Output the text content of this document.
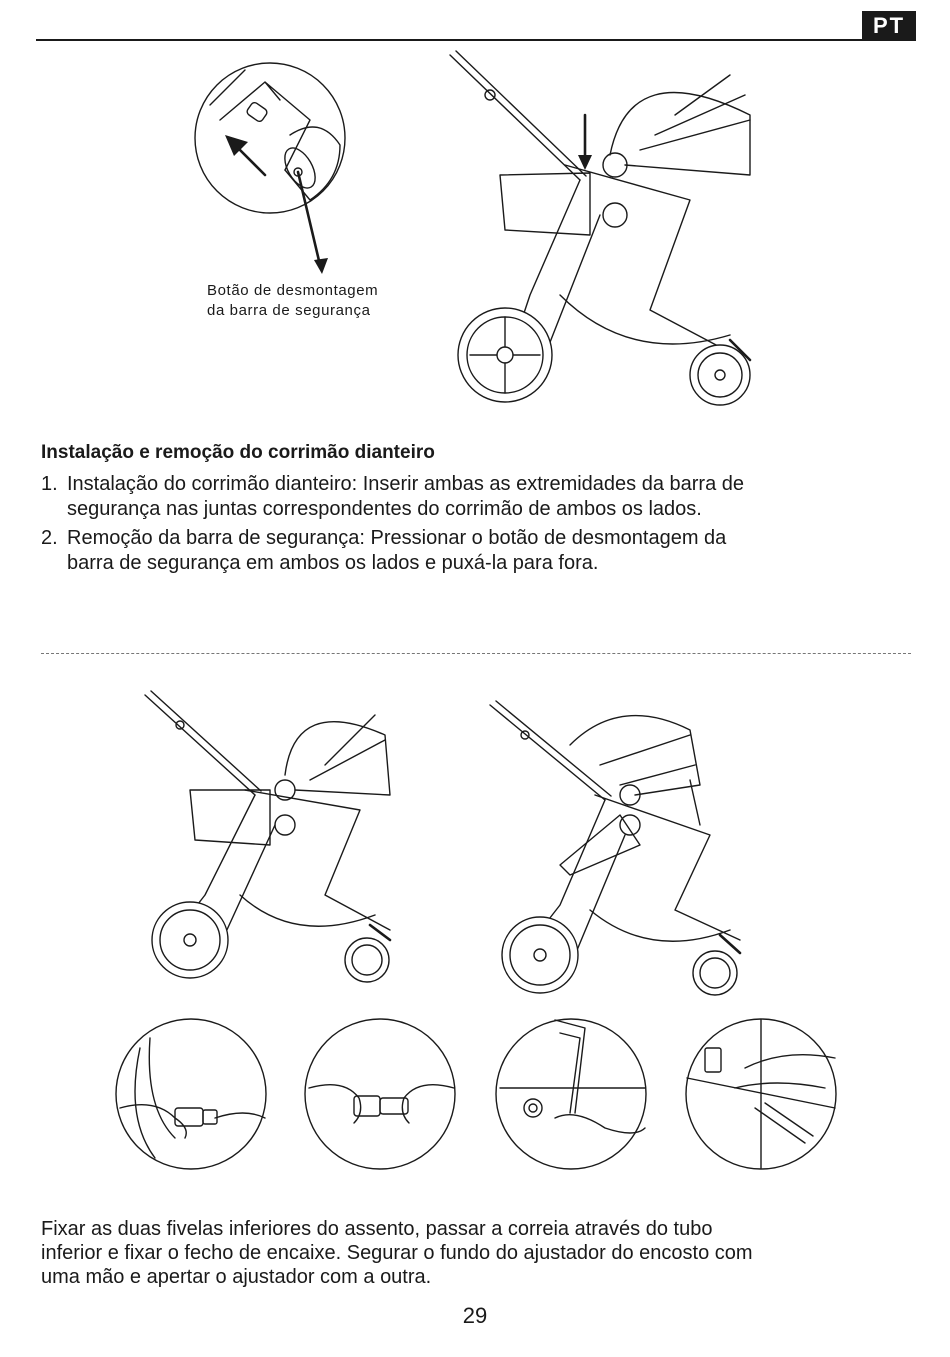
PT
Botão de desmontagem
da barra de segurança
Instalação e remoção do corrimão dianteiro
1. Instalação do corrimão dianteiro: Inserir ambas as extremidades da barra de
segurança nas juntas correspondentes do corrimão de ambos os lados.
2. Remoção da barra de segurança: Pressionar o botão de desmontagem da
barra de segurança em ambos os lados e puxá-la para fora.
Fixar as duas fivelas inferiores do assento, passar a correia através do tubo
inferior e fixar o fecho de encaixe. Segurar o fundo do ajustador do encosto com
uma mão e apertar o ajustador com a outra.
29
